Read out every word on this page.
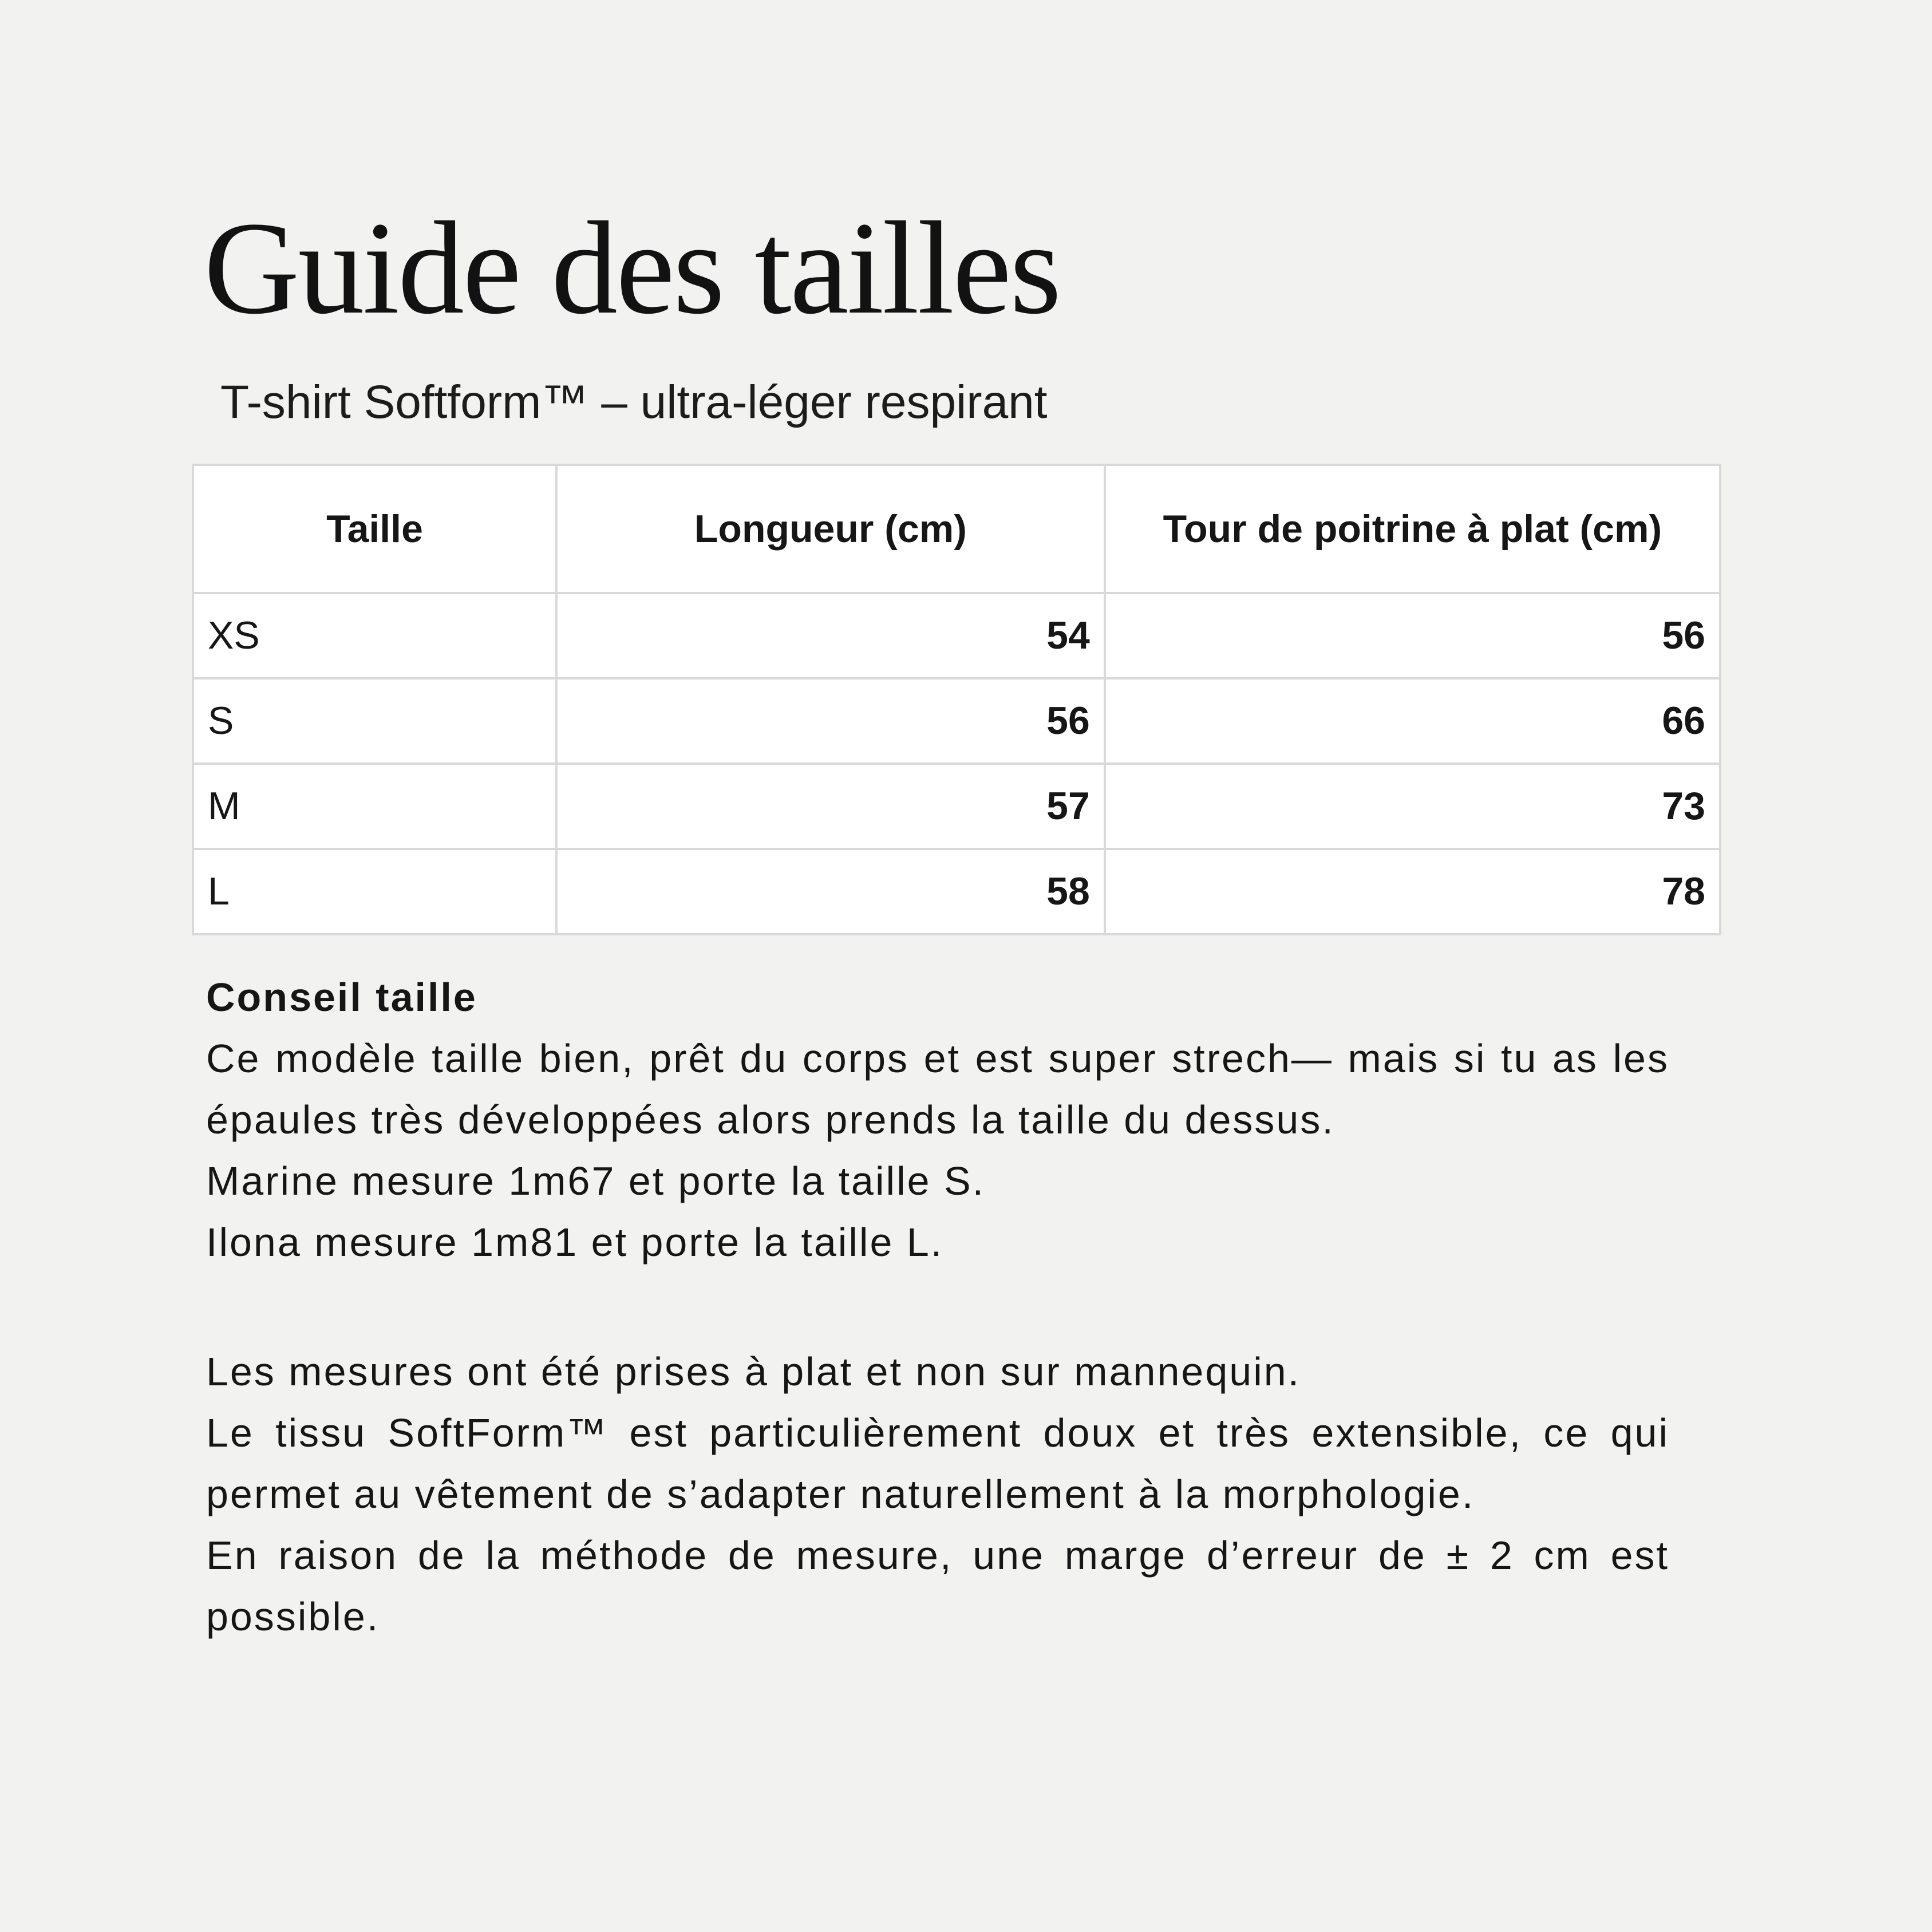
Guide des tailles

T-shirt Softform™ – ultra-léger respirant

Taille	Longueur (cm)	Tour de poitrine à plat (cm)
XS	54	56
S	56	66
M	57	73
L	58	78

Conseil taille

Ce modèle taille bien, prêt du corps et est super strech— mais si tu as les épaules très développées alors prends la taille du dessus.

Marine mesure 1m67 et porte la taille S.

Ilona mesure 1m81 et porte la taille L.

Les mesures ont été prises à plat et non sur mannequin.

Le tissu SoftForm™ est particulièrement doux et très extensible, ce qui permet au vêtement de s’adapter naturellement à la morphologie.

En raison de la méthode de mesure, une marge d’erreur de ± 2 cm est possible.
